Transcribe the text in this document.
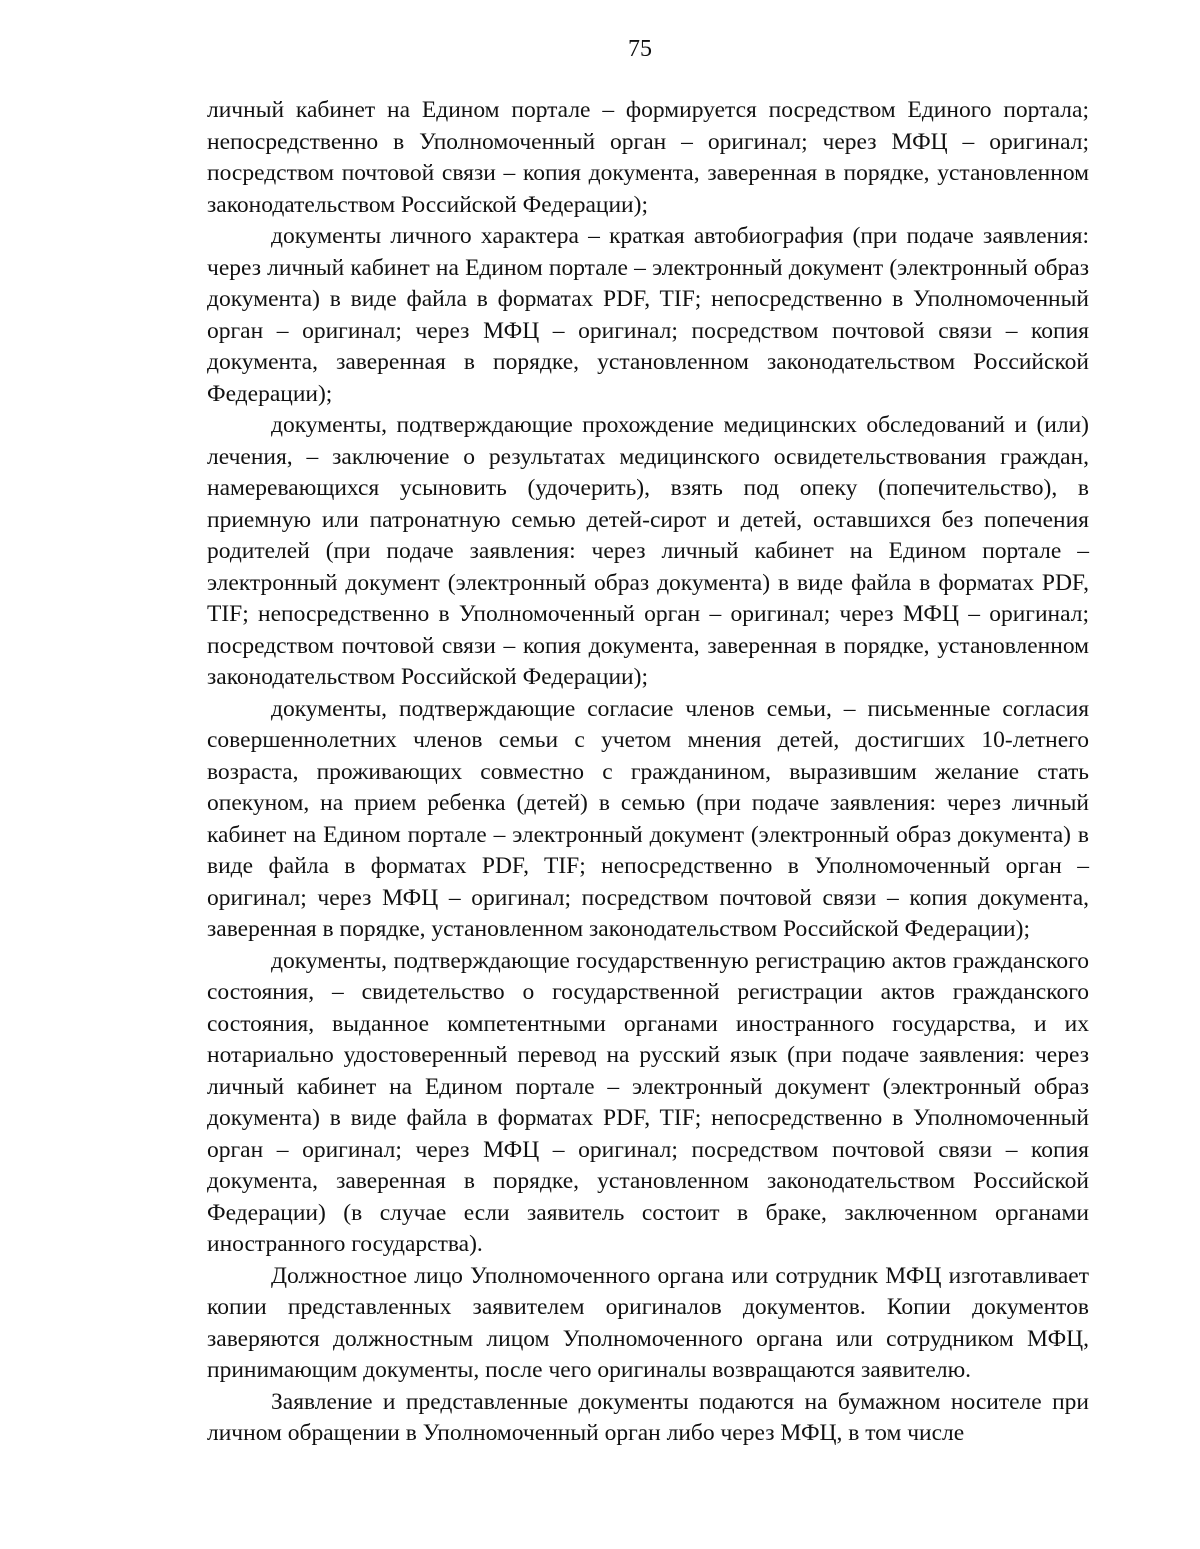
75

личный кабинет на Едином портале – формируется посредством Единого портала; непосредственно в Уполномоченный орган – оригинал; через МФЦ – оригинал; посредством почтовой связи – копия документа, заверенная в порядке, установленном законодательством Российской Федерации);

документы личного характера – краткая автобиография (при подаче заявления: через личный кабинет на Едином портале – электронный документ (электронный образ документа) в виде файла в форматах PDF, TIF; непосредственно в Уполномоченный орган – оригинал; через МФЦ – оригинал; посредством почтовой связи – копия документа, заверенная в порядке, установленном законодательством Российской Федерации);

документы, подтверждающие прохождение медицинских обследований и (или) лечения, – заключение о результатах медицинского освидетельствования граждан, намеревающихся усыновить (удочерить), взять под опеку (попечительство), в приемную или патронатную семью детей-сирот и детей, оставшихся без попечения родителей (при подаче заявления: через личный кабинет на Едином портале – электронный документ (электронный образ документа) в виде файла в форматах PDF, TIF; непосредственно в Уполномоченный орган – оригинал; через МФЦ – оригинал; посредством почтовой связи – копия документа, заверенная в порядке, установленном законодательством Российской Федерации);

документы, подтверждающие согласие членов семьи, – письменные согласия совершеннолетних членов семьи с учетом мнения детей, достигших 10-летнего возраста, проживающих совместно с гражданином, выразившим желание стать опекуном, на прием ребенка (детей) в семью (при подаче заявления: через личный кабинет на Едином портале – электронный документ (электронный образ документа) в виде файла в форматах PDF, TIF; непосредственно в Уполномоченный орган – оригинал; через МФЦ – оригинал; посредством почтовой связи – копия документа, заверенная в порядке, установленном законодательством Российской Федерации);

документы, подтверждающие государственную регистрацию актов гражданского состояния, – свидетельство о государственной регистрации актов гражданского состояния, выданное компетентными органами иностранного государства, и их нотариально удостоверенный перевод на русский язык (при подаче заявления: через личный кабинет на Едином портале – электронный документ (электронный образ документа) в виде файла в форматах PDF, TIF; непосредственно в Уполномоченный орган – оригинал; через МФЦ – оригинал; посредством почтовой связи – копия документа, заверенная в порядке, установленном законодательством Российской Федерации) (в случае если заявитель состоит в браке, заключенном органами иностранного государства).

Должностное лицо Уполномоченного органа или сотрудник МФЦ изготавливает копии представленных заявителем оригиналов документов. Копии документов заверяются должностным лицом Уполномоченного органа или сотрудником МФЦ, принимающим документы, после чего оригиналы возвращаются заявителю.

Заявление и представленные документы подаются на бумажном носителе при личном обращении в Уполномоченный орган либо через МФЦ, в том числе
